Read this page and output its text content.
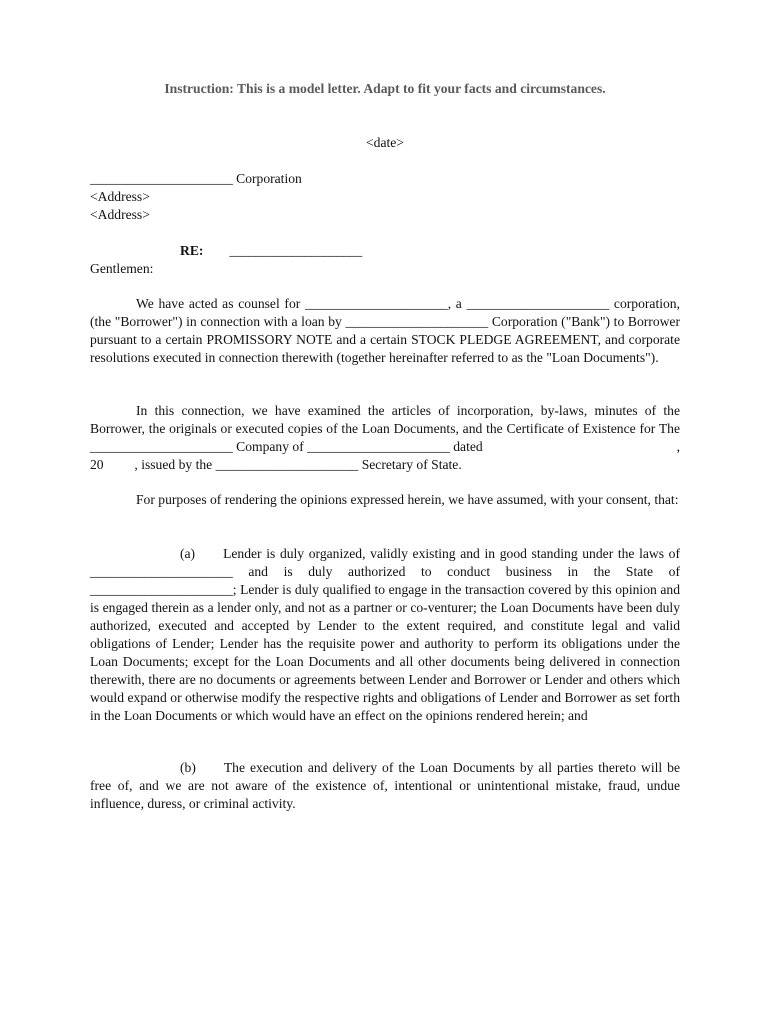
Instruction: This is a model letter. Adapt to fit your facts and circumstances.
<date>
_____________________ Corporation
<Address>
<Address>
RE: _____________________
Gentlemen:
We have acted as counsel for _____________________, a _____________________ corporation, (the "Borrower") in connection with a loan by _____________________ Corporation ("Bank") to Borrower pursuant to a certain PROMISSORY NOTE and a certain STOCK PLEDGE AGREEMENT, and corporate resolutions executed in connection therewith (together hereinafter referred to as the "Loan Documents").
In this connection, we have examined the articles of incorporation, by-laws, minutes of the Borrower, the originals or executed copies of the Loan Documents, and the Certificate of Existence for The _____________________ Company of _____________________ dated	,
20 , issued by the _____________________ Secretary of State.
For purposes of rendering the opinions expressed herein, we have assumed, with your consent, that:
(a) Lender is duly organized, validly existing and in good standing under the laws of _____________________ and is duly authorized to conduct business in the State of _____________________; Lender is duly qualified to engage in the transaction covered by this opinion and is engaged therein as a lender only, and not as a partner or co-venturer; the Loan Documents have been duly authorized, executed and accepted by Lender to the extent required, and constitute legal and valid obligations of Lender; Lender has the requisite power and authority to perform its obligations under the Loan Documents; except for the Loan Documents and all other documents being delivered in connection therewith, there are no documents or agreements between Lender and Borrower or Lender and others which would expand or otherwise modify the respective rights and obligations of Lender and Borrower as set forth in the Loan Documents or which would have an effect on the opinions rendered herein; and
(b) The execution and delivery of the Loan Documents by all parties thereto will be free of, and we are not aware of the existence of, intentional or unintentional mistake, fraud, undue influence, duress, or criminal activity.
